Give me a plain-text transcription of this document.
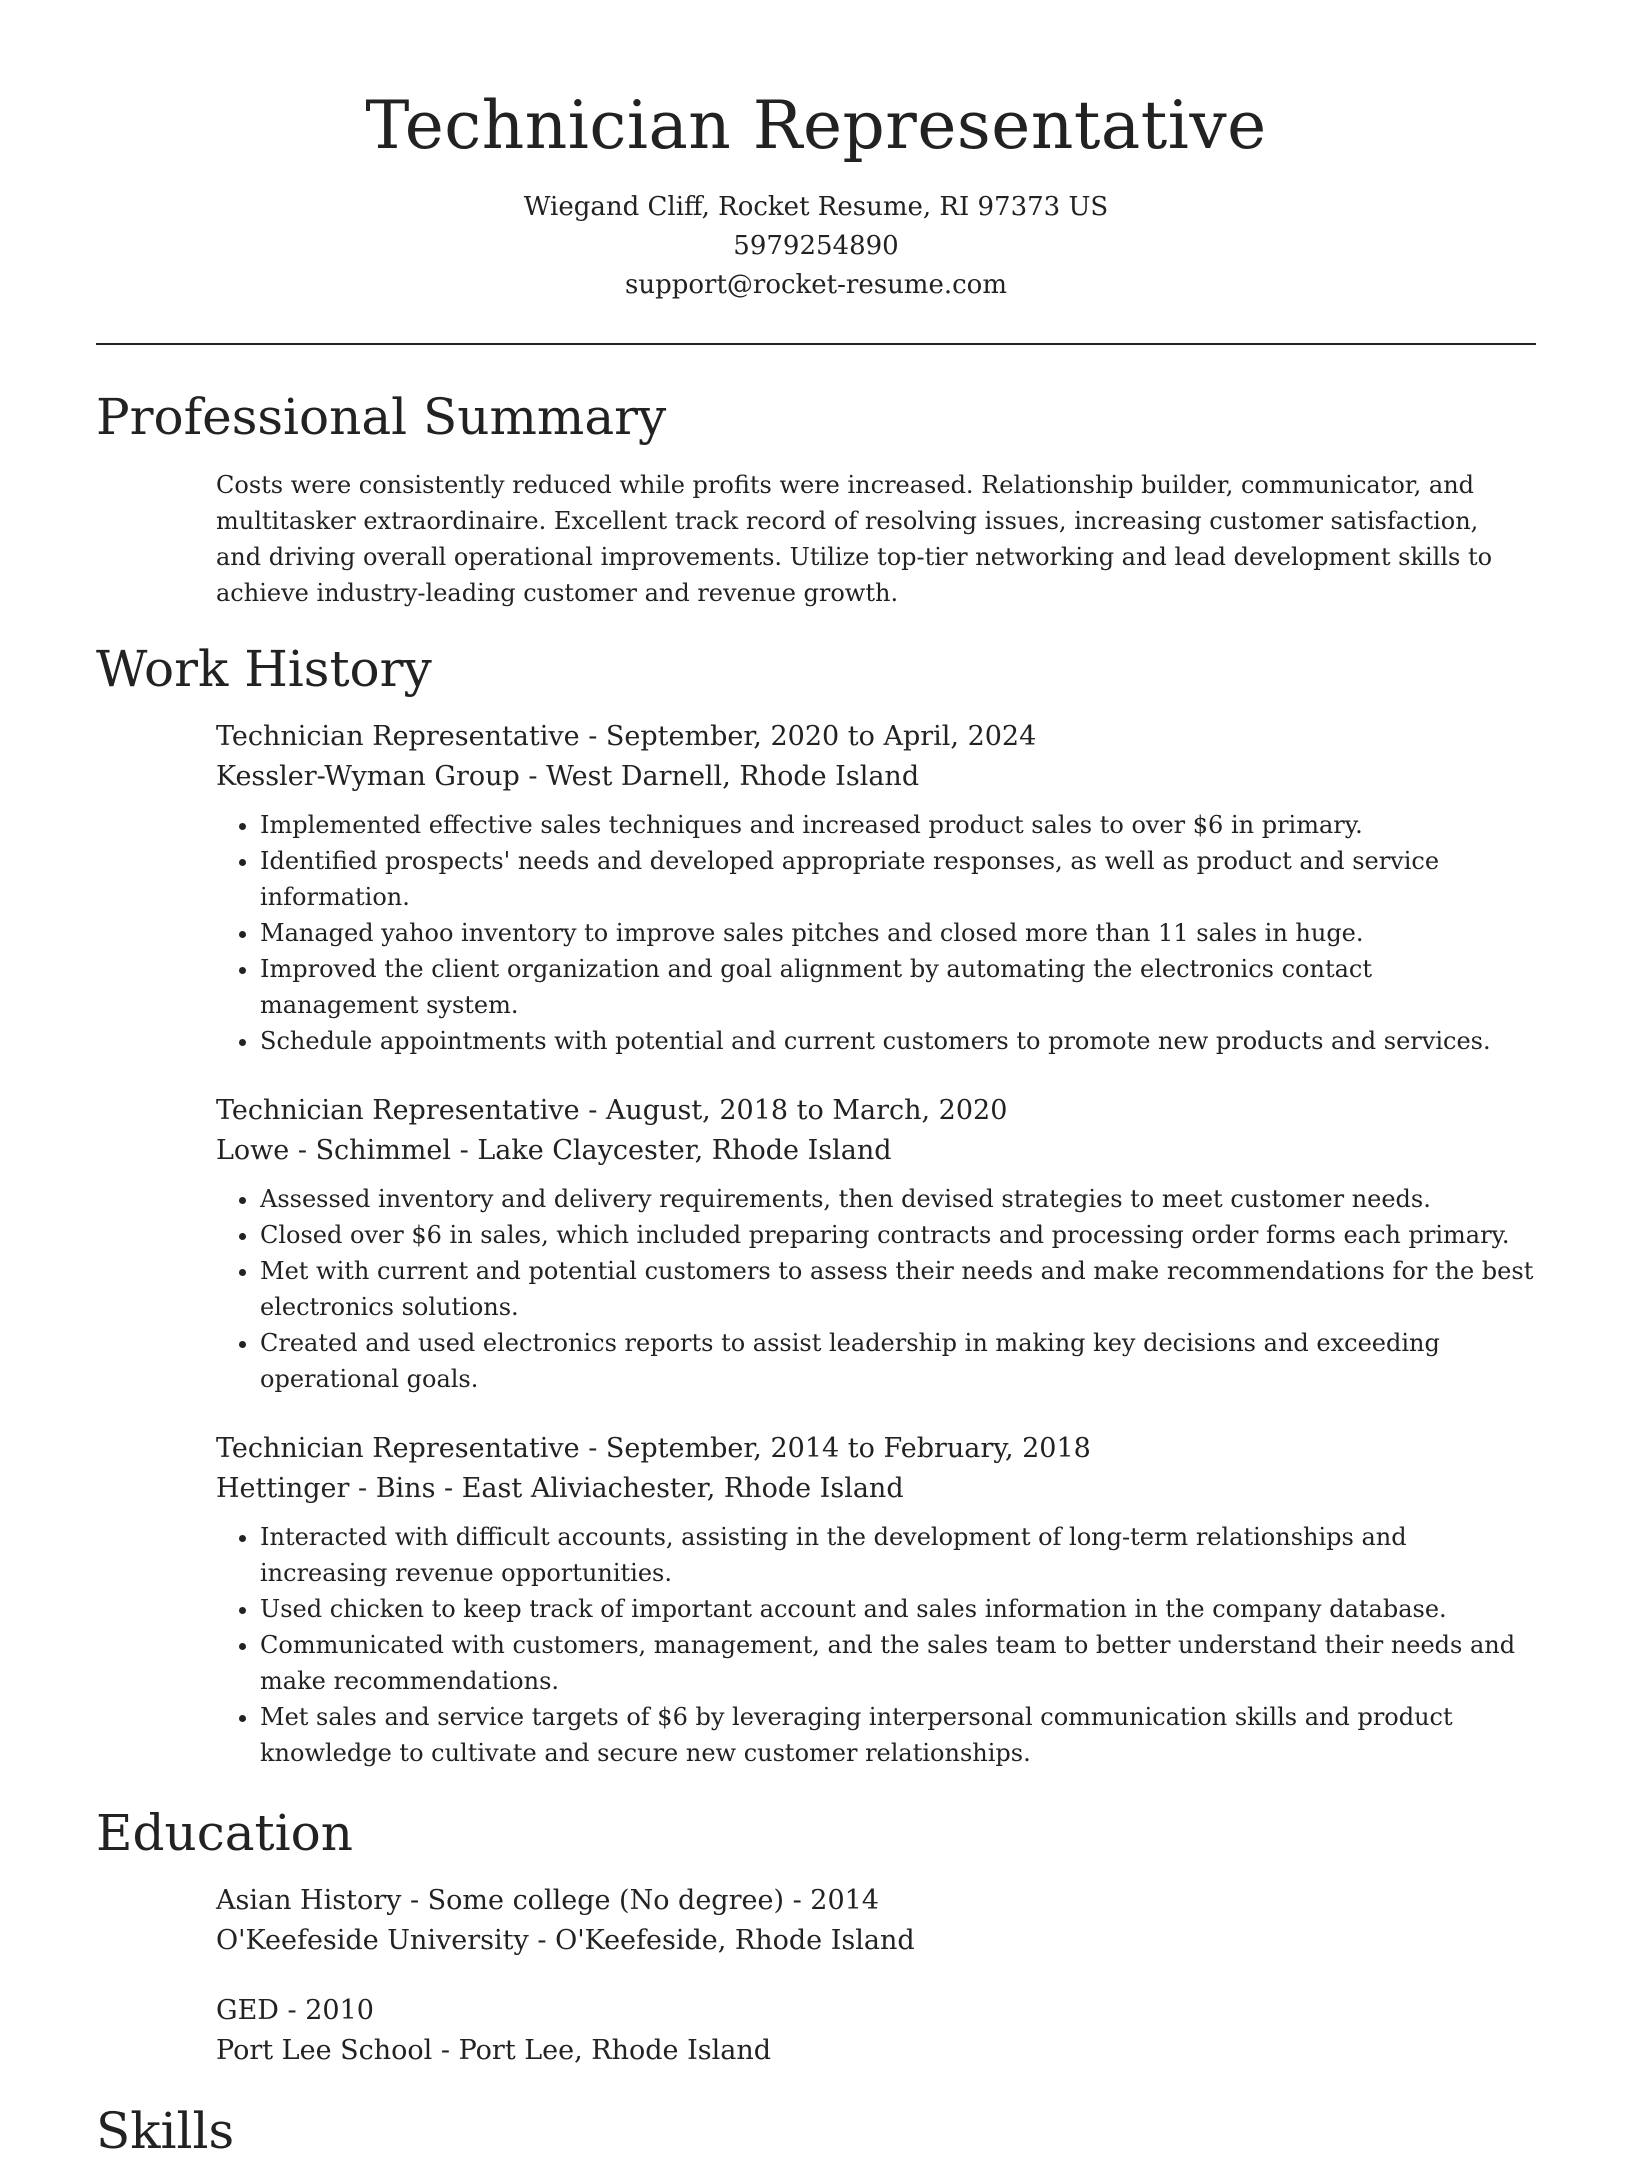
Technician Representative

Wiegand Cliff, Rocket Resume, RI 97373 US

5979254890

support@rocket-resume.com

Professional Summary

Costs were consistently reduced while profits were increased. Relationship builder, communicator, and multitasker extraordinaire. Excellent track record of resolving issues, increasing customer satisfaction, and driving overall operational improvements. Utilize top-tier networking and lead development skills to achieve industry-leading customer and revenue growth.

Work History

Technician Representative - September, 2020 to April, 2024

Kessler-Wyman Group - West Darnell, Rhode Island

• Implemented effective sales techniques and increased product sales to over $6 in primary.
• Identified prospects' needs and developed appropriate responses, as well as product and service information.
• Managed yahoo inventory to improve sales pitches and closed more than 11 sales in huge.
• Improved the client organization and goal alignment by automating the electronics contact management system.
• Schedule appointments with potential and current customers to promote new products and services.

Technician Representative - August, 2018 to March, 2020

Lowe - Schimmel - Lake Claycester, Rhode Island

• Assessed inventory and delivery requirements, then devised strategies to meet customer needs.
• Closed over $6 in sales, which included preparing contracts and processing order forms each primary.
• Met with current and potential customers to assess their needs and make recommendations for the best electronics solutions.
• Created and used electronics reports to assist leadership in making key decisions and exceeding operational goals.

Technician Representative - September, 2014 to February, 2018

Hettinger - Bins - East Aliviachester, Rhode Island

• Interacted with difficult accounts, assisting in the development of long-term relationships and increasing revenue opportunities.
• Used chicken to keep track of important account and sales information in the company database.
• Communicated with customers, management, and the sales team to better understand their needs and make recommendations.
• Met sales and service targets of $6 by leveraging interpersonal communication skills and product knowledge to cultivate and secure new customer relationships.
Education

Asian History - Some college (No degree) - 2014

O'Keefeside University - O'Keefeside, Rhode Island

GED - 2010

Port Lee School - Port Lee, Rhode Island

Skills
